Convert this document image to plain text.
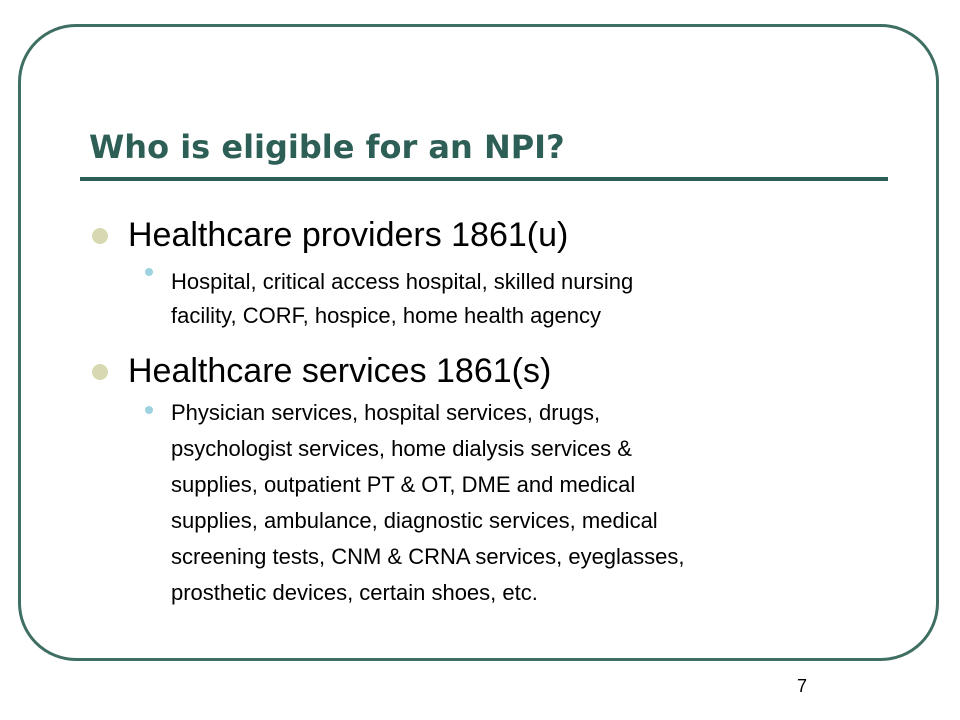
Who is eligible for an NPI?

Healthcare providers 1861(u)

Hospital, critical access hospital, skilled nursing

facility, CORF, hospice, home health agency

Healthcare services 1861(s)

Physician services, hospital services, drugs,

psychologist services, home dialysis services &

supplies, outpatient PT & OT, DME and medical

supplies, ambulance, diagnostic services, medical

screening tests, CNM & CRNA services, eyeglasses,

prosthetic devices, certain shoes, etc.

7
